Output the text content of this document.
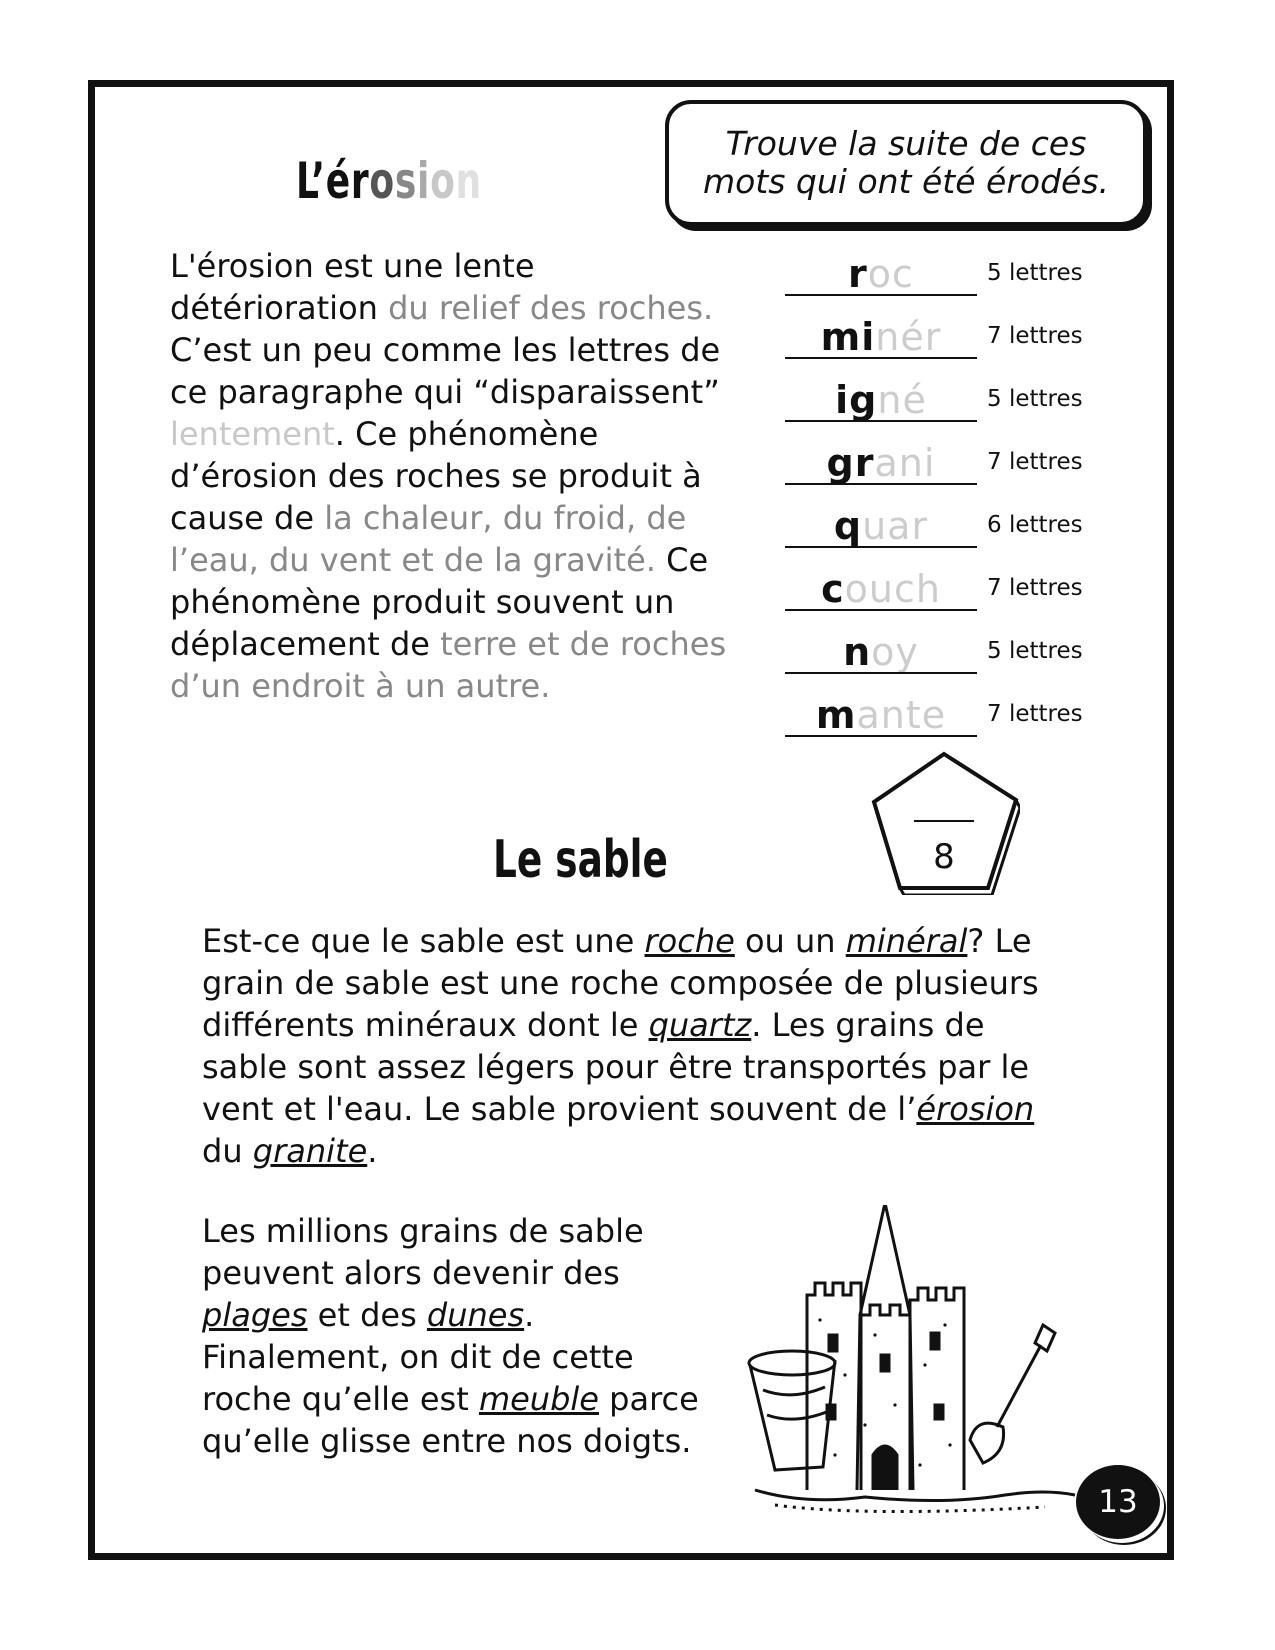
Trouve la suite de ces
mots qui ont été érodés.
L’érosion
L'érosion est une lente détérioration du relief des roches. C’est un peu comme les lettres de ce paragraphe qui “disparaissent” lentement. Ce phénomène d’érosion des roches se produit à cause de la chaleur, du froid, de l’eau, du vent et de la gravité. Ce phénomène produit souvent un déplacement de terre et de roches d’un endroit à un autre.
roc	5 lettres
minér	7 lettres
igné	5 lettres
grani	7 lettres
quar	6 lettres
couch	7 lettres
noy	5 lettres
mante	7 lettres
8
Le sable
Est-ce que le sable est une roche ou un minéral? Le grain de sable est une roche composée de plusieurs différents minéraux dont le quartz. Les grains de sable sont assez légers pour être transportés par le vent et l'eau. Le sable provient souvent de l’érosion du granite.
Les millions grains de sable peuvent alors devenir des plages et des dunes. Finalement, on dit de cette roche qu’elle est meuble parce qu’elle glisse entre nos doigts.
13
